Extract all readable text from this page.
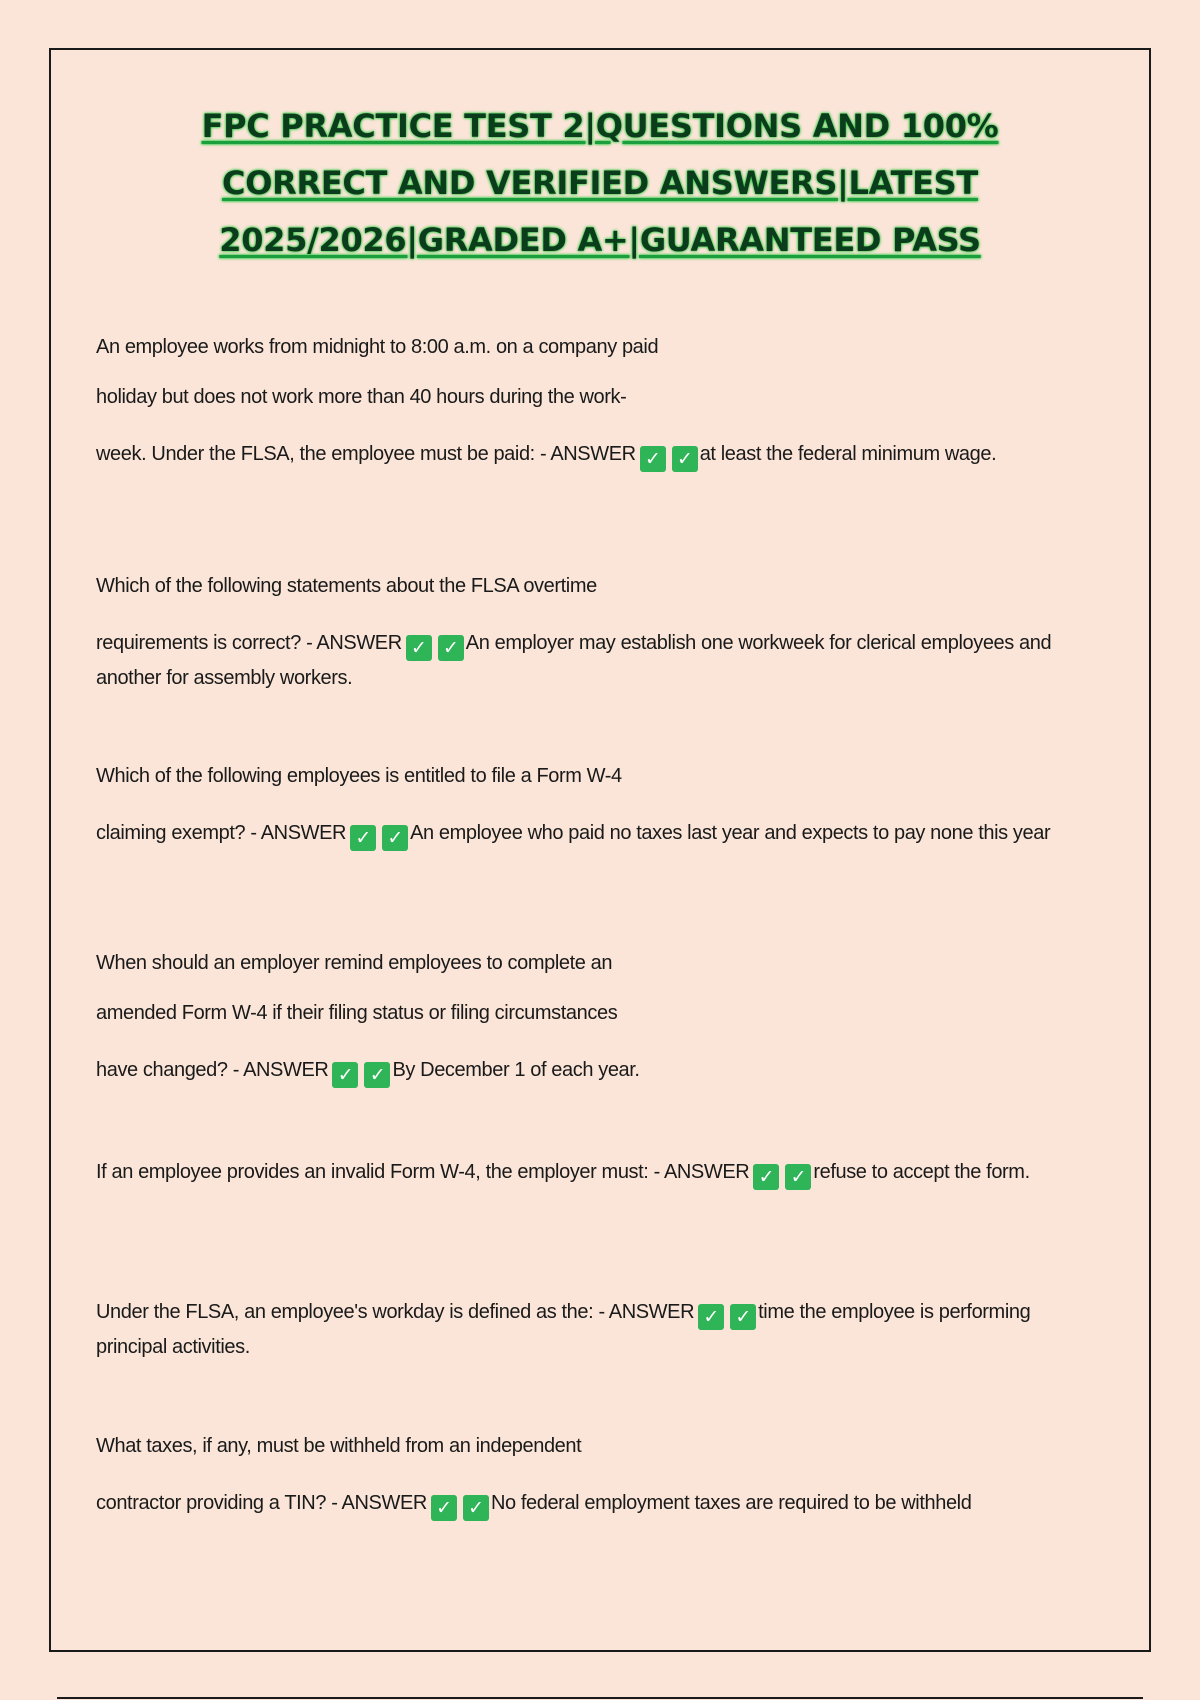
FPC PRACTICE TEST 2|QUESTIONS AND 100%
CORRECT AND VERIFIED ANSWERS|LATEST
2025/2026|GRADED A+|GUARANTEED PASS
An employee works from midnight to 8:00 a.m. on a company paid
holiday but does not work more than 40 hours during the work-
week. Under the FLSA, the employee must be paid: - ANSWER ✓ ✓ at least the federal minimum wage.
Which of the following statements about the FLSA overtime
requirements is correct? - ANSWER ✓ ✓ An employer may establish one workweek for clerical employees and another for assembly workers.
Which of the following employees is entitled to file a Form W-4
claiming exempt? - ANSWER ✓ ✓ An employee who paid no taxes last year and expects to pay none this year
When should an employer remind employees to complete an
amended Form W-4 if their filing status or filing circumstances
have changed? - ANSWER ✓ ✓ By December 1 of each year.
If an employee provides an invalid Form W-4, the employer must: - ANSWER ✓ ✓ refuse to accept the form.
Under the FLSA, an employee's workday is defined as the: - ANSWER ✓ ✓ time the employee is performing principal activities.
What taxes, if any, must be withheld from an independent
contractor providing a TIN? - ANSWER ✓ ✓ No federal employment taxes are required to be withheld
